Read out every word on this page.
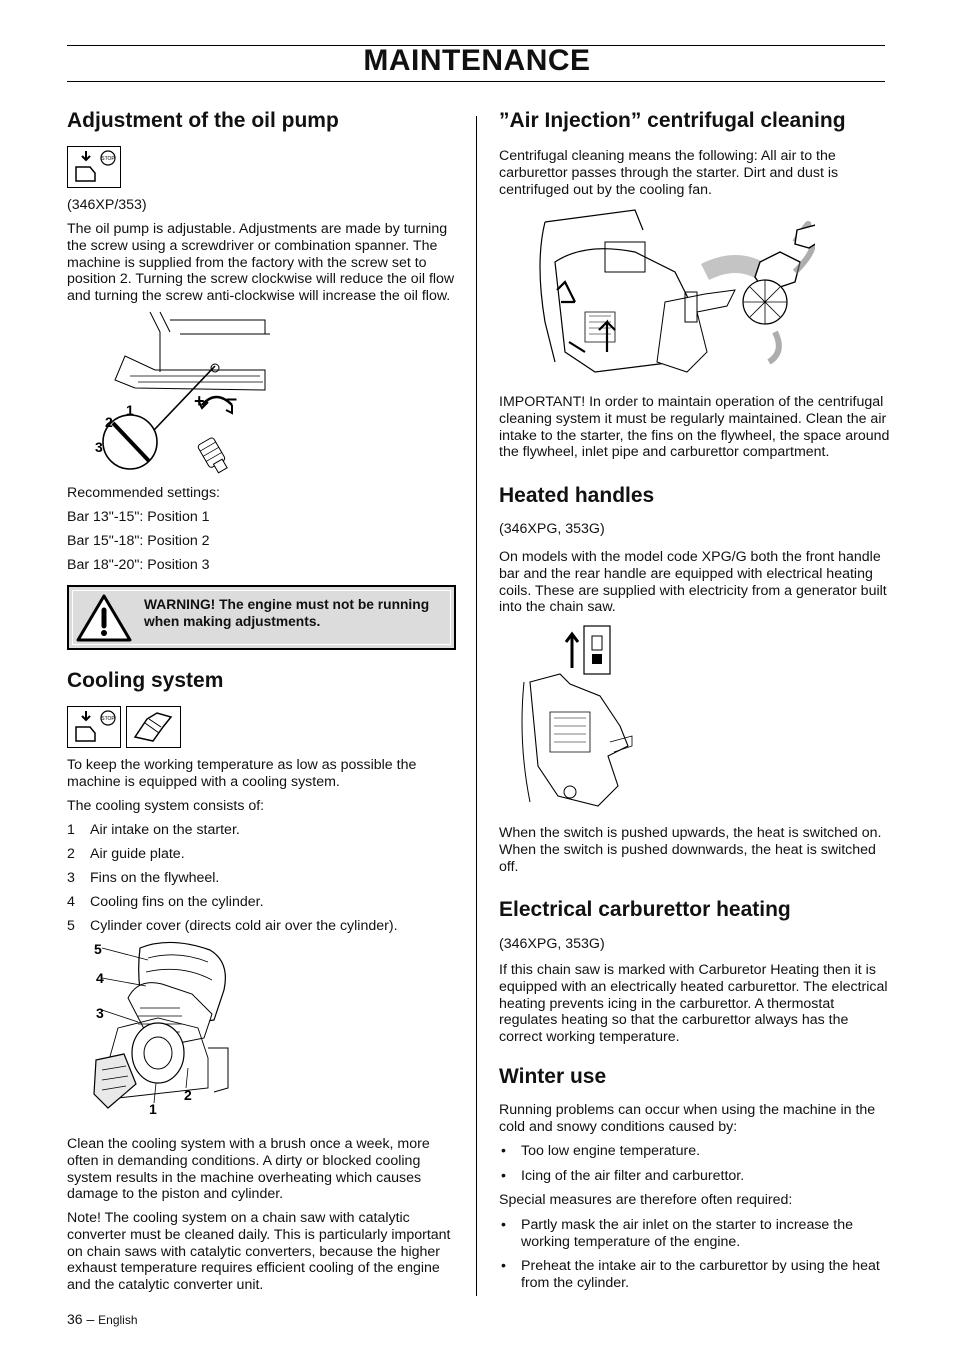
MAINTENANCE
Adjustment of the oil pump
STOP
(346XP/353)
The oil pump is adjustable. Adjustments are made by turning the screw using a screwdriver or combination spanner. The machine is supplied from the factory with the screw set to position 2. Turning the screw clockwise will reduce the oil flow and turning the screw anti-clockwise will increase the oil flow.
1
2
3
+ –
Recommended settings:
Bar 13"-15": Position 1
Bar 15"-18": Position 2
Bar 18"-20": Position 3
WARNING! The engine must not be running when making adjustments.
Cooling system
STOP
To keep the working temperature as low as possible the machine is equipped with a cooling system.
The cooling system consists of:
1 Air intake on the starter.
2 Air guide plate.
3 Fins on the flywheel.
4 Cooling fins on the cylinder.
5 Cylinder cover (directs cold air over the cylinder).
5
4
3
2
1
Clean the cooling system with a brush once a week, more often in demanding conditions. A dirty or blocked cooling system results in the machine overheating which causes damage to the piston and cylinder.
Note! The cooling system on a chain saw with catalytic converter must be cleaned daily. This is particularly important on chain saws with catalytic converters, because the higher exhaust temperature requires efficient cooling of the engine and the catalytic converter unit.
36 – English
”Air Injection” centrifugal cleaning
Centrifugal cleaning means the following: All air to the carburettor passes through the starter. Dirt and dust is centrifuged out by the cooling fan.
IMPORTANT! In order to maintain operation of the centrifugal cleaning system it must be regularly maintained. Clean the air intake to the starter, the fins on the flywheel, the space around the flywheel, inlet pipe and carburettor compartment.
Heated handles
(346XPG, 353G)
On models with the model code XPG/G both the front handle bar and the rear handle are equipped with electrical heating coils. These are supplied with electricity from a generator built into the chain saw.
When the switch is pushed upwards, the heat is switched on. When the switch is pushed downwards, the heat is switched off.
Electrical carburettor heating
(346XPG, 353G)
If this chain saw is marked with Carburetor Heating then it is equipped with an electrically heated carburettor. The electrical heating prevents icing in the carburettor. A thermostat regulates heating so that the carburettor always has the correct working temperature.
Winter use
Running problems can occur when using the machine in the cold and snowy conditions caused by:
• Too low engine temperature.
• Icing of the air filter and carburettor.
Special measures are therefore often required:
• Partly mask the air inlet on the starter to increase the working temperature of the engine.
• Preheat the intake air to the carburettor by using the heat from the cylinder.
